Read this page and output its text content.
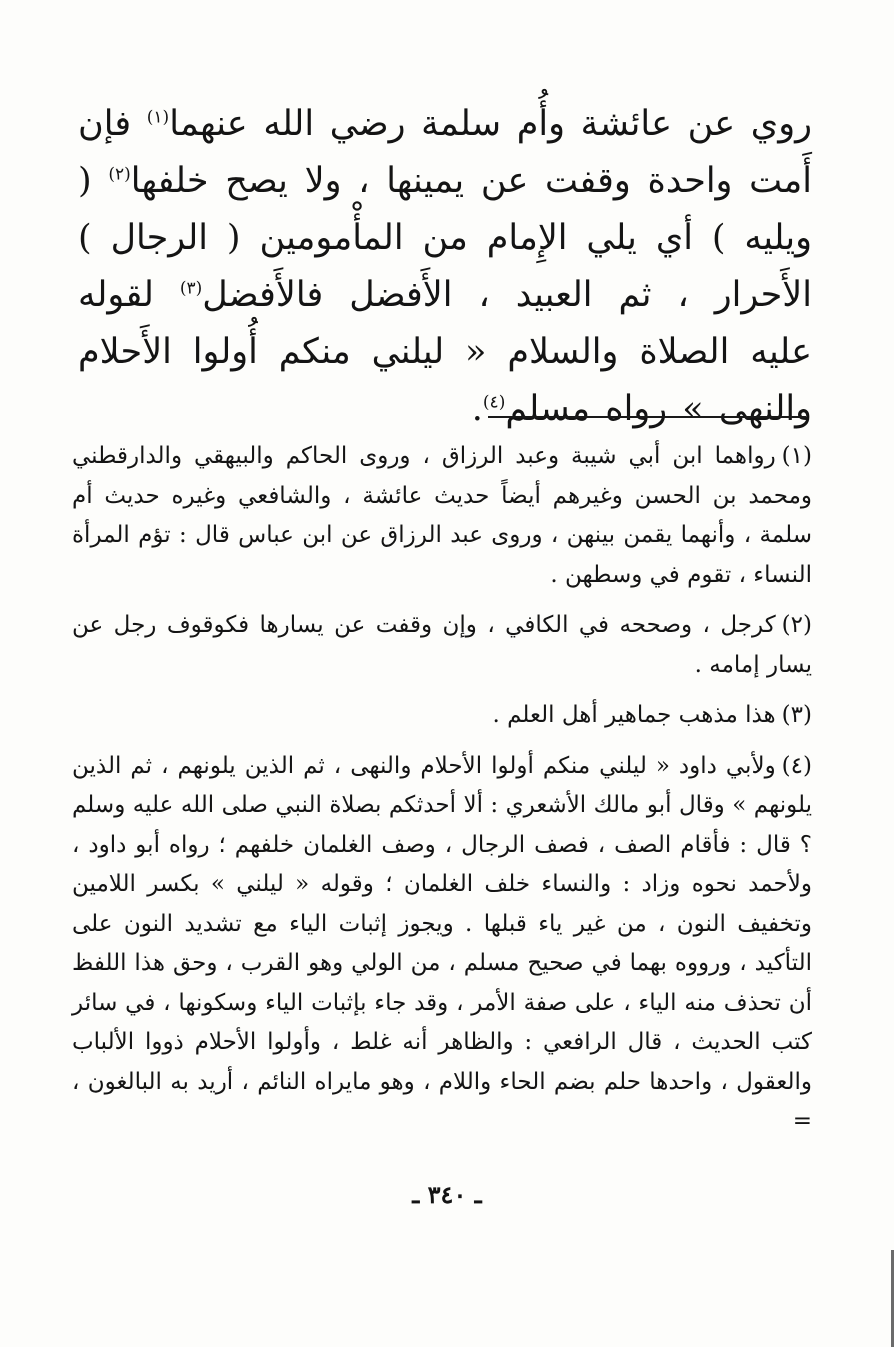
روي عن عائشة وأُم سلمة رضي الله عنهما$^{(١)}$ فإن أَمت واحدة وقفت عن يمينها ، ولا يصح خلفها$^{(٢)}$ ( ويليه ) أي يلي الإِمام من المأْمومين ( الرجال ) الأَحرار ، ثم العبيد ، الأَفضل فالأَفضل$^{(٣)}$ لقوله عليه الصلاة والسلام « ليلني منكم أُولوا الأَحلام والنهى » رواه مسلم$^{(٤)}$.

(١)رواهما ابن أبي شيبة وعبد الرزاق ، وروى الحاكم والبيهقي والدارقطني ومحمد بن الحسن وغيرهم أيضاً حديث عائشة ، والشافعي وغيره حديث أم سلمة ، وأنهما يقمن بينهن ، وروى عبد الرزاق عن ابن عباس قال : تؤم المرأة النساء ، تقوم في وسطهن .

(٢)كرجل ، وصححه في الكافي ، وإن وقفت عن يسارها فكوقوف رجل عن يسار إمامه .

(٣)هذا مذهب جماهير أهل العلم .

(٤)ولأبي داود « ليلني منكم أولوا الأحلام والنهى ، ثم الذين يلونهم ، ثم الذين يلونهم » وقال أبو مالك الأشعري : ألا أحدثكم بصلاة النبي صلى الله عليه وسلم ؟ قال : فأقام الصف ، فصف الرجال ، وصف الغلمان خلفهم ؛ رواه أبو داود ، ولأحمد نحوه وزاد : والنساء خلف الغلمان ؛ وقوله « ليلني » بكسر اللامين وتخفيف النون ، من غير ياء قبلها . ويجوز إثبات الياء مع تشديد النون على التأكيد ، ورووه بهما في صحيح مسلم ، من الولي وهو القرب ، وحق هذا اللفظ أن تحذف منه الياء ، على صفة الأمر ، وقد جاء بإثبات الياء وسكونها ، في سائر كتب الحديث ، قال الرافعي : والظاهر أنه غلط ، وأولوا الأحلام ذووا الألباب والعقول ، واحدها حلم بضم الحاء واللام ، وهو مايراه النائم ، أريد به البالغون ، =

ـ ٣٤٠ ـ
